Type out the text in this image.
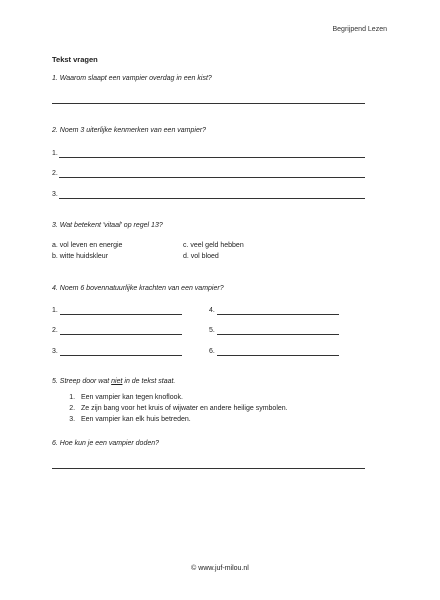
Begrijpend Lezen
Tekst vragen
1. Waarom slaapt een vampier overdag in een kist?
2. Noem 3 uiterlijke kenmerken van een vampier?
1.
2.
3.
3. Wat betekent 'vitaal' op regel 13?
a. vol leven en energie	c. veel geld hebben
b. witte huidskleur	d. vol bloed
4. Noem 6 bovennatuurlijke krachten van een vampier?
1.	4.
2.	5.
3.	6.
5. Streep door wat niet in de tekst staat.
1. Een vampier kan tegen knoflook.
2. Ze zijn bang voor het kruis of wijwater en andere heilige symbolen.
3. Een vampier kan elk huis betreden.
6. Hoe kun je een vampier doden?
© www.juf-milou.nl
